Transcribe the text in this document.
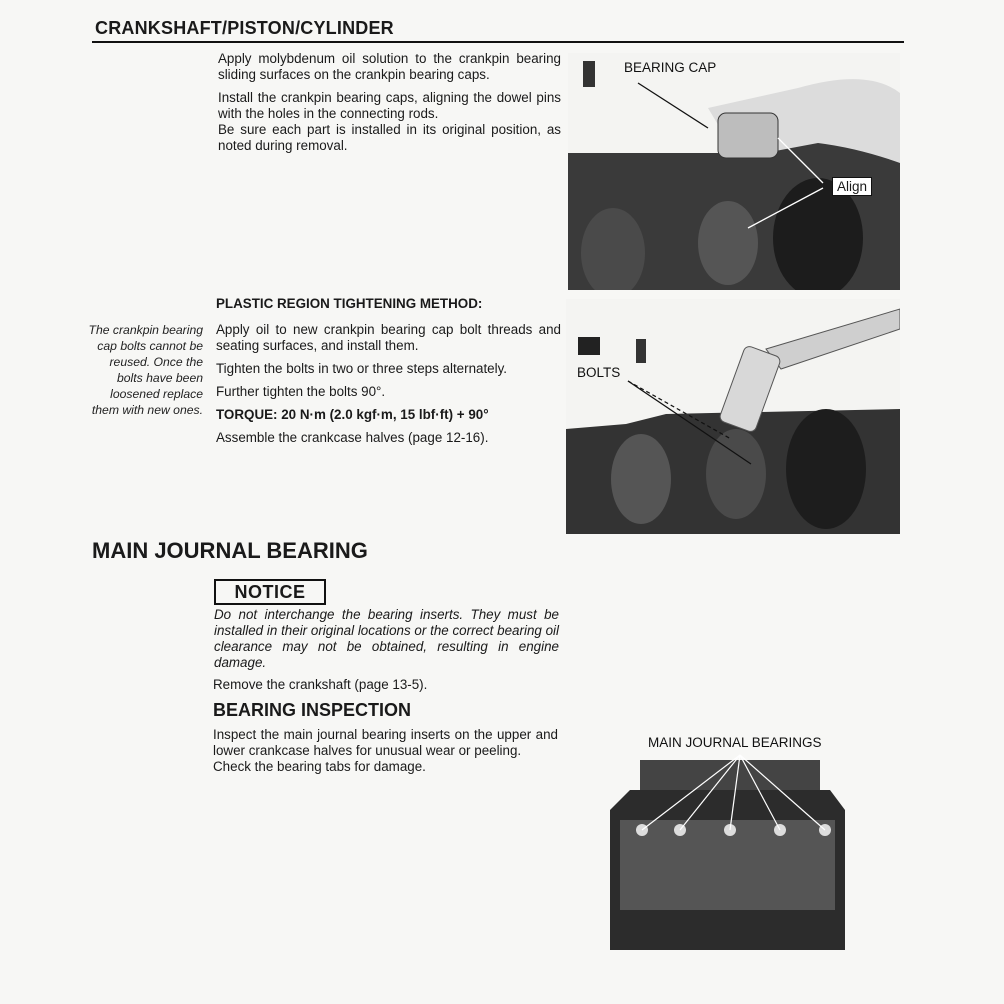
CRANKSHAFT/PISTON/CYLINDER

Apply molybdenum oil solution to the crankpin bearing sliding surfaces on the crankpin bearing caps.

Install the crankpin bearing caps, aligning the dowel pins with the holes in the connecting rods.

Be sure each part is installed in its original position, as noted during removal.

BEARING CAP
Align
PLASTIC REGION TIGHTENING METHOD:
The crankpin bearing cap bolts cannot be reused. Once the bolts have been loosened replace them with new ones.

Apply oil to new crankpin bearing cap bolt threads and seating surfaces, and install them.

Tighten the bolts in two or three steps alternately.

Further tighten the bolts 90°.

TORQUE: 20 N·m (2.0 kgf·m, 15 lbf·ft) + 90°

Assemble the crankcase halves (page 12-16).

BOLTS
MAIN JOURNAL BEARING
NOTICE
Do not interchange the bearing inserts. They must be installed in their original locations or the correct bearing oil clearance may not be obtained, resulting in engine damage.
Remove the crankshaft (page 13-5).
BEARING INSPECTION

Inspect the main journal bearing inserts on the upper and lower crankcase halves for unusual wear or peeling.

Check the bearing tabs for damage.

MAIN JOURNAL BEARINGS
